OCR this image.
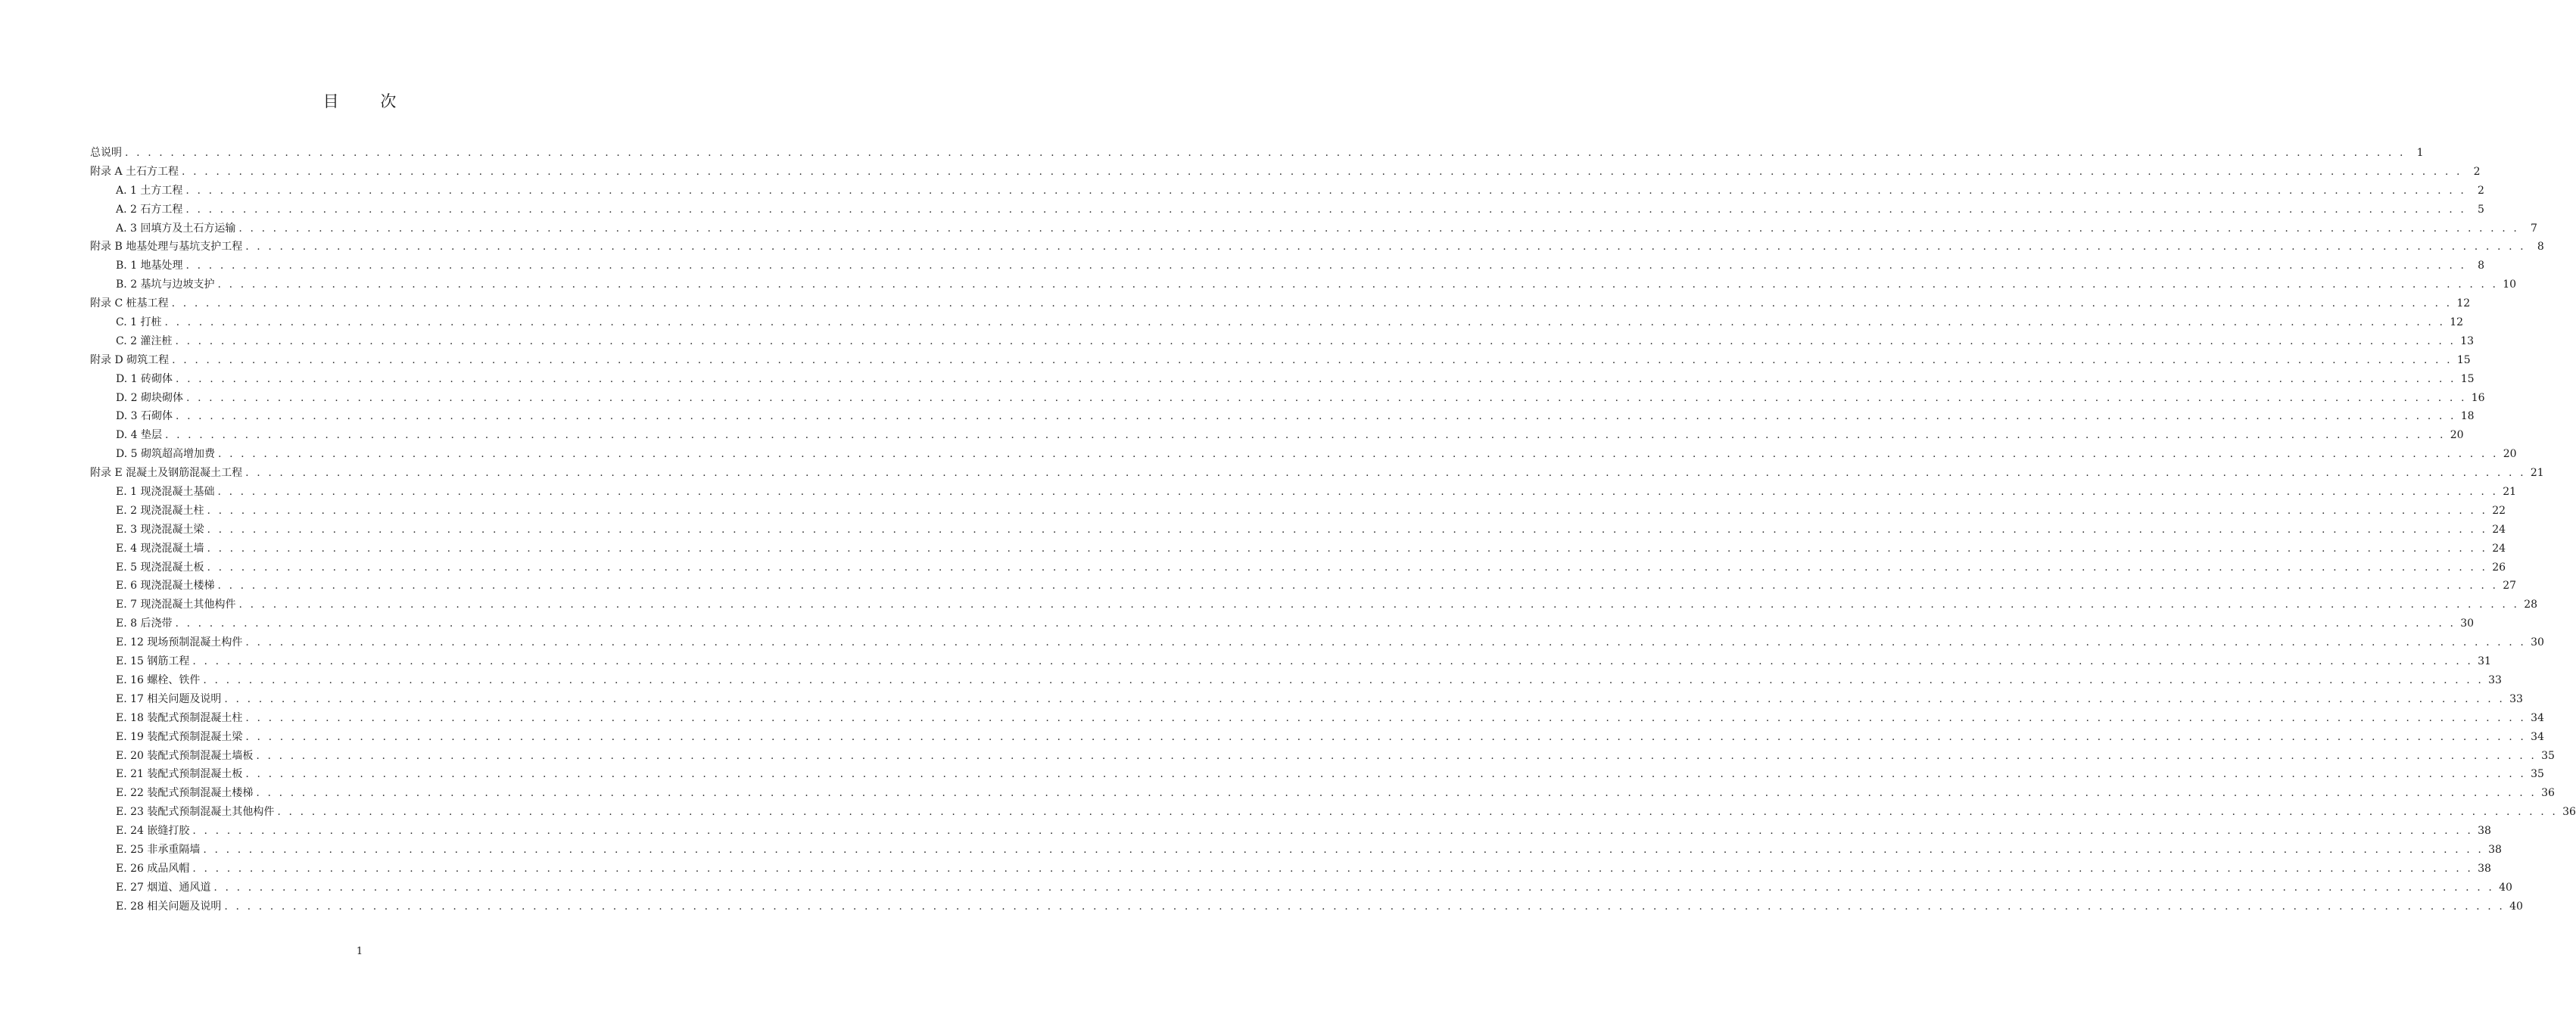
目 次
总说明 . . . . . . . . . . . . . . . . . . . . . . . . . . . . . . . . . . . . . . . . . . . . . . . . . . . . . . . . . . . . . . . . . . . . . . . . . . . . . . . . . . . . . . . . . . . . . . . . . . . . . . . . . . . . . . . . . . . . . . . . . . . . . . . . . . . . . . . . . . . . . . . . . . . . . . . . . . . . . . . . . . . . . . . . . . . . . . . . . . . . . . . . . . . . . . . . . . . . . . . .	1
附录 A 土石方工程 . . . . . . . . . . . . . . . . . . . . . . . . . . . . . . . . . . . . . . . . . . . . . . . . . . . . . . . . . . . . . . . . . . . . . . . . . . . . . . . . . . . . . . . . . . . . . . . . . . . . . . . . . . . . . . . . . . . . . . . . . . . . . . . . . . . . . . . . . . . . . . . . . . . . . . . . . . . . . . . . . . . . . . . . . . . . . . . . . . . . . . . . . . . . . . . . . . . . . . . .	2
A. 1 土方工程 . . . . . . . . . . . . . . . . . . . . . . . . . . . . . . . . . . . . . . . . . . . . . . . . . . . . . . . . . . . . . . . . . . . . . . . . . . . . . . . . . . . . . . . . . . . . . . . . . . . . . . . . . . . . . . . . . . . . . . . . . . . . . . . . . . . . . . . . . . . . . . . . . . . . . . . . . . . . . . . . . . . . . . . . . . . . . . . . . . . . . . . . . . . . . . . . . . . . . . . .	2
A. 2 石方工程 . . . . . . . . . . . . . . . . . . . . . . . . . . . . . . . . . . . . . . . . . . . . . . . . . . . . . . . . . . . . . . . . . . . . . . . . . . . . . . . . . . . . . . . . . . . . . . . . . . . . . . . . . . . . . . . . . . . . . . . . . . . . . . . . . . . . . . . . . . . . . . . . . . . . . . . . . . . . . . . . . . . . . . . . . . . . . . . . . . . . . . . . . . . . . . . . . . . . . . . .	5
A. 3 回填方及土石方运输 . . . . . . . . . . . . . . . . . . . . . . . . . . . . . . . . . . . . . . . . . . . . . . . . . . . . . . . . . . . . . . . . . . . . . . . . . . . . . . . . . . . . . . . . . . . . . . . . . . . . . . . . . . . . . . . . . . . . . . . . . . . . . . . . . . . . . . . . . . . . . . . . . . . . . . . . . . . . . . . . . . . . . . . . . . . . . . . . . . . . . . . . . . . . . . . . . . . . . . . .	7
附录 B 地基处理与基坑支护工程 . . . . . . . . . . . . . . . . . . . . . . . . . . . . . . . . . . . . . . . . . . . . . . . . . . . . . . . . . . . . . . . . . . . . . . . . . . . . . . . . . . . . . . . . . . . . . . . . . . . . . . . . . . . . . . . . . . . . . . . . . . . . . . . . . . . . . . . . . . . . . . . . . . . . . . . . . . . . . . . . . . . . . . . . . . . . . . . . . . . . . . . . . . . . . . . . . . . . . . . .	8
B. 1 地基处理 . . . . . . . . . . . . . . . . . . . . . . . . . . . . . . . . . . . . . . . . . . . . . . . . . . . . . . . . . . . . . . . . . . . . . . . . . . . . . . . . . . . . . . . . . . . . . . . . . . . . . . . . . . . . . . . . . . . . . . . . . . . . . . . . . . . . . . . . . . . . . . . . . . . . . . . . . . . . . . . . . . . . . . . . . . . . . . . . . . . . . . . . . . . . . . . . . . . . . . . .	8
B. 2 基坑与边坡支护 . . . . . . . . . . . . . . . . . . . . . . . . . . . . . . . . . . . . . . . . . . . . . . . . . . . . . . . . . . . . . . . . . . . . . . . . . . . . . . . . . . . . . . . . . . . . . . . . . . . . . . . . . . . . . . . . . . . . . . . . . . . . . . . . . . . . . . . . . . . . . . . . . . . . . . . . . . . . . . . . . . . . . . . . . . . . . . . . . . . . . . . . . . . . . . . . . . . . . . . . 10
附录 C 桩基工程 . . . . . . . . . . . . . . . . . . . . . . . . . . . . . . . . . . . . . . . . . . . . . . . . . . . . . . . . . . . . . . . . . . . . . . . . . . . . . . . . . . . . . . . . . . . . . . . . . . . . . . . . . . . . . . . . . . . . . . . . . . . . . . . . . . . . . . . . . . . . . . . . . . . . . . . . . . . . . . . . . . . . . . . . . . . . . . . . . . . . . . . . . . . . . . . . . . . . . . . . 12
C. 1 打桩 . . . . . . . . . . . . . . . . . . . . . . . . . . . . . . . . . . . . . . . . . . . . . . . . . . . . . . . . . . . . . . . . . . . . . . . . . . . . . . . . . . . . . . . . . . . . . . . . . . . . . . . . . . . . . . . . . . . . . . . . . . . . . . . . . . . . . . . . . . . . . . . . . . . . . . . . . . . . . . . . . . . . . . . . . . . . . . . . . . . . . . . . . . . . . . . . . . . . . . . . 12
C. 2 灌注桩 . . . . . . . . . . . . . . . . . . . . . . . . . . . . . . . . . . . . . . . . . . . . . . . . . . . . . . . . . . . . . . . . . . . . . . . . . . . . . . . . . . . . . . . . . . . . . . . . . . . . . . . . . . . . . . . . . . . . . . . . . . . . . . . . . . . . . . . . . . . . . . . . . . . . . . . . . . . . . . . . . . . . . . . . . . . . . . . . . . . . . . . . . . . . . . . . . . . . . . . . 13
附录 D 砌筑工程 . . . . . . . . . . . . . . . . . . . . . . . . . . . . . . . . . . . . . . . . . . . . . . . . . . . . . . . . . . . . . . . . . . . . . . . . . . . . . . . . . . . . . . . . . . . . . . . . . . . . . . . . . . . . . . . . . . . . . . . . . . . . . . . . . . . . . . . . . . . . . . . . . . . . . . . . . . . . . . . . . . . . . . . . . . . . . . . . . . . . . . . . . . . . . . . . . . . . . . . . 15
D. 1 砖砌体 . . . . . . . . . . . . . . . . . . . . . . . . . . . . . . . . . . . . . . . . . . . . . . . . . . . . . . . . . . . . . . . . . . . . . . . . . . . . . . . . . . . . . . . . . . . . . . . . . . . . . . . . . . . . . . . . . . . . . . . . . . . . . . . . . . . . . . . . . . . . . . . . . . . . . . . . . . . . . . . . . . . . . . . . . . . . . . . . . . . . . . . . . . . . . . . . . . . . . . . . 15
D. 2 砌块砌体 . . . . . . . . . . . . . . . . . . . . . . . . . . . . . . . . . . . . . . . . . . . . . . . . . . . . . . . . . . . . . . . . . . . . . . . . . . . . . . . . . . . . . . . . . . . . . . . . . . . . . . . . . . . . . . . . . . . . . . . . . . . . . . . . . . . . . . . . . . . . . . . . . . . . . . . . . . . . . . . . . . . . . . . . . . . . . . . . . . . . . . . . . . . . . . . . . . . . . . . . 16
D. 3 石砌体 . . . . . . . . . . . . . . . . . . . . . . . . . . . . . . . . . . . . . . . . . . . . . . . . . . . . . . . . . . . . . . . . . . . . . . . . . . . . . . . . . . . . . . . . . . . . . . . . . . . . . . . . . . . . . . . . . . . . . . . . . . . . . . . . . . . . . . . . . . . . . . . . . . . . . . . . . . . . . . . . . . . . . . . . . . . . . . . . . . . . . . . . . . . . . . . . . . . . . . . . 18
D. 4 垫层 . . . . . . . . . . . . . . . . . . . . . . . . . . . . . . . . . . . . . . . . . . . . . . . . . . . . . . . . . . . . . . . . . . . . . . . . . . . . . . . . . . . . . . . . . . . . . . . . . . . . . . . . . . . . . . . . . . . . . . . . . . . . . . . . . . . . . . . . . . . . . . . . . . . . . . . . . . . . . . . . . . . . . . . . . . . . . . . . . . . . . . . . . . . . . . . . . . . . . . . . 20
D. 5 砌筑超高增加费 . . . . . . . . . . . . . . . . . . . . . . . . . . . . . . . . . . . . . . . . . . . . . . . . . . . . . . . . . . . . . . . . . . . . . . . . . . . . . . . . . . . . . . . . . . . . . . . . . . . . . . . . . . . . . . . . . . . . . . . . . . . . . . . . . . . . . . . . . . . . . . . . . . . . . . . . . . . . . . . . . . . . . . . . . . . . . . . . . . . . . . . . . . . . . . . . . . . . . . . . 20
附录 E 混凝土及钢筋混凝土工程 . . . . . . . . . . . . . . . . . . . . . . . . . . . . . . . . . . . . . . . . . . . . . . . . . . . . . . . . . . . . . . . . . . . . . . . . . . . . . . . . . . . . . . . . . . . . . . . . . . . . . . . . . . . . . . . . . . . . . . . . . . . . . . . . . . . . . . . . . . . . . . . . . . . . . . . . . . . . . . . . . . . . . . . . . . . . . . . . . . . . . . . . . . . . . . . . . . . . . . . . 21
E. 1 现浇混凝土基础 . . . . . . . . . . . . . . . . . . . . . . . . . . . . . . . . . . . . . . . . . . . . . . . . . . . . . . . . . . . . . . . . . . . . . . . . . . . . . . . . . . . . . . . . . . . . . . . . . . . . . . . . . . . . . . . . . . . . . . . . . . . . . . . . . . . . . . . . . . . . . . . . . . . . . . . . . . . . . . . . . . . . . . . . . . . . . . . . . . . . . . . . . . . . . . . . . . . . . . . . 21
E. 2 现浇混凝土柱 . . . . . . . . . . . . . . . . . . . . . . . . . . . . . . . . . . . . . . . . . . . . . . . . . . . . . . . . . . . . . . . . . . . . . . . . . . . . . . . . . . . . . . . . . . . . . . . . . . . . . . . . . . . . . . . . . . . . . . . . . . . . . . . . . . . . . . . . . . . . . . . . . . . . . . . . . . . . . . . . . . . . . . . . . . . . . . . . . . . . . . . . . . . . . . . . . . . . . . . . 22
E. 3 现浇混凝土梁 . . . . . . . . . . . . . . . . . . . . . . . . . . . . . . . . . . . . . . . . . . . . . . . . . . . . . . . . . . . . . . . . . . . . . . . . . . . . . . . . . . . . . . . . . . . . . . . . . . . . . . . . . . . . . . . . . . . . . . . . . . . . . . . . . . . . . . . . . . . . . . . . . . . . . . . . . . . . . . . . . . . . . . . . . . . . . . . . . . . . . . . . . . . . . . . . . . . . . . . . 24
E. 4 现浇混凝土墙 . . . . . . . . . . . . . . . . . . . . . . . . . . . . . . . . . . . . . . . . . . . . . . . . . . . . . . . . . . . . . . . . . . . . . . . . . . . . . . . . . . . . . . . . . . . . . . . . . . . . . . . . . . . . . . . . . . . . . . . . . . . . . . . . . . . . . . . . . . . . . . . . . . . . . . . . . . . . . . . . . . . . . . . . . . . . . . . . . . . . . . . . . . . . . . . . . . . . . . . . 24
E. 5 现浇混凝土板 . . . . . . . . . . . . . . . . . . . . . . . . . . . . . . . . . . . . . . . . . . . . . . . . . . . . . . . . . . . . . . . . . . . . . . . . . . . . . . . . . . . . . . . . . . . . . . . . . . . . . . . . . . . . . . . . . . . . . . . . . . . . . . . . . . . . . . . . . . . . . . . . . . . . . . . . . . . . . . . . . . . . . . . . . . . . . . . . . . . . . . . . . . . . . . . . . . . . . . . . 26
E. 6 现浇混凝土楼梯 . . . . . . . . . . . . . . . . . . . . . . . . . . . . . . . . . . . . . . . . . . . . . . . . . . . . . . . . . . . . . . . . . . . . . . . . . . . . . . . . . . . . . . . . . . . . . . . . . . . . . . . . . . . . . . . . . . . . . . . . . . . . . . . . . . . . . . . . . . . . . . . . . . . . . . . . . . . . . . . . . . . . . . . . . . . . . . . . . . . . . . . . . . . . . . . . . . . . . . . . 27
E. 7 现浇混凝土其他构件 . . . . . . . . . . . . . . . . . . . . . . . . . . . . . . . . . . . . . . . . . . . . . . . . . . . . . . . . . . . . . . . . . . . . . . . . . . . . . . . . . . . . . . . . . . . . . . . . . . . . . . . . . . . . . . . . . . . . . . . . . . . . . . . . . . . . . . . . . . . . . . . . . . . . . . . . . . . . . . . . . . . . . . . . . . . . . . . . . . . . . . . . . . . . . . . . . . . . . . . . 28
E. 8 后浇带 . . . . . . . . . . . . . . . . . . . . . . . . . . . . . . . . . . . . . . . . . . . . . . . . . . . . . . . . . . . . . . . . . . . . . . . . . . . . . . . . . . . . . . . . . . . . . . . . . . . . . . . . . . . . . . . . . . . . . . . . . . . . . . . . . . . . . . . . . . . . . . . . . . . . . . . . . . . . . . . . . . . . . . . . . . . . . . . . . . . . . . . . . . . . . . . . . . . . . . . . 30
E. 12 现场预制混凝土构件 . . . . . . . . . . . . . . . . . . . . . . . . . . . . . . . . . . . . . . . . . . . . . . . . . . . . . . . . . . . . . . . . . . . . . . . . . . . . . . . . . . . . . . . . . . . . . . . . . . . . . . . . . . . . . . . . . . . . . . . . . . . . . . . . . . . . . . . . . . . . . . . . . . . . . . . . . . . . . . . . . . . . . . . . . . . . . . . . . . . . . . . . . . . . . . . . . . . . . . . . 30
E. 15 钢筋工程 . . . . . . . . . . . . . . . . . . . . . . . . . . . . . . . . . . . . . . . . . . . . . . . . . . . . . . . . . . . . . . . . . . . . . . . . . . . . . . . . . . . . . . . . . . . . . . . . . . . . . . . . . . . . . . . . . . . . . . . . . . . . . . . . . . . . . . . . . . . . . . . . . . . . . . . . . . . . . . . . . . . . . . . . . . . . . . . . . . . . . . . . . . . . . . . . . . . . . . . . 31
E. 16 螺栓、铁件 . . . . . . . . . . . . . . . . . . . . . . . . . . . . . . . . . . . . . . . . . . . . . . . . . . . . . . . . . . . . . . . . . . . . . . . . . . . . . . . . . . . . . . . . . . . . . . . . . . . . . . . . . . . . . . . . . . . . . . . . . . . . . . . . . . . . . . . . . . . . . . . . . . . . . . . . . . . . . . . . . . . . . . . . . . . . . . . . . . . . . . . . . . . . . . . . . . . . . . . . 33
E. 17 相关问题及说明 . . . . . . . . . . . . . . . . . . . . . . . . . . . . . . . . . . . . . . . . . . . . . . . . . . . . . . . . . . . . . . . . . . . . . . . . . . . . . . . . . . . . . . . . . . . . . . . . . . . . . . . . . . . . . . . . . . . . . . . . . . . . . . . . . . . . . . . . . . . . . . . . . . . . . . . . . . . . . . . . . . . . . . . . . . . . . . . . . . . . . . . . . . . . . . . . . . . . . . . . 33
E. 18 装配式预制混凝土柱 . . . . . . . . . . . . . . . . . . . . . . . . . . . . . . . . . . . . . . . . . . . . . . . . . . . . . . . . . . . . . . . . . . . . . . . . . . . . . . . . . . . . . . . . . . . . . . . . . . . . . . . . . . . . . . . . . . . . . . . . . . . . . . . . . . . . . . . . . . . . . . . . . . . . . . . . . . . . . . . . . . . . . . . . . . . . . . . . . . . . . . . . . . . . . . . . . . . . . . . . 34
E. 19 装配式预制混凝土梁 . . . . . . . . . . . . . . . . . . . . . . . . . . . . . . . . . . . . . . . . . . . . . . . . . . . . . . . . . . . . . . . . . . . . . . . . . . . . . . . . . . . . . . . . . . . . . . . . . . . . . . . . . . . . . . . . . . . . . . . . . . . . . . . . . . . . . . . . . . . . . . . . . . . . . . . . . . . . . . . . . . . . . . . . . . . . . . . . . . . . . . . . . . . . . . . . . . . . . . . . 34
E. 20 装配式预制混凝土墙板 . . . . . . . . . . . . . . . . . . . . . . . . . . . . . . . . . . . . . . . . . . . . . . . . . . . . . . . . . . . . . . . . . . . . . . . . . . . . . . . . . . . . . . . . . . . . . . . . . . . . . . . . . . . . . . . . . . . . . . . . . . . . . . . . . . . . . . . . . . . . . . . . . . . . . . . . . . . . . . . . . . . . . . . . . . . . . . . . . . . . . . . . . . . . . . . . . . . . . . . . 35
E. 21 装配式预制混凝土板 . . . . . . . . . . . . . . . . . . . . . . . . . . . . . . . . . . . . . . . . . . . . . . . . . . . . . . . . . . . . . . . . . . . . . . . . . . . . . . . . . . . . . . . . . . . . . . . . . . . . . . . . . . . . . . . . . . . . . . . . . . . . . . . . . . . . . . . . . . . . . . . . . . . . . . . . . . . . . . . . . . . . . . . . . . . . . . . . . . . . . . . . . . . . . . . . . . . . . . . . 35
E. 22 装配式预制混凝土楼梯 . . . . . . . . . . . . . . . . . . . . . . . . . . . . . . . . . . . . . . . . . . . . . . . . . . . . . . . . . . . . . . . . . . . . . . . . . . . . . . . . . . . . . . . . . . . . . . . . . . . . . . . . . . . . . . . . . . . . . . . . . . . . . . . . . . . . . . . . . . . . . . . . . . . . . . . . . . . . . . . . . . . . . . . . . . . . . . . . . . . . . . . . . . . . . . . . . . . . . . . . 36
E. 23 装配式预制混凝土其他构件 . . . . . . . . . . . . . . . . . . . . . . . . . . . . . . . . . . . . . . . . . . . . . . . . . . . . . . . . . . . . . . . . . . . . . . . . . . . . . . . . . . . . . . . . . . . . . . . . . . . . . . . . . . . . . . . . . . . . . . . . . . . . . . . . . . . . . . . . . . . . . . . . . . . . . . . . . . . . . . . . . . . . . . . . . . . . . . . . . . . . . . . . . . . . . . . . . . . . . . . . 36
E. 24 嵌缝打胶 . . . . . . . . . . . . . . . . . . . . . . . . . . . . . . . . . . . . . . . . . . . . . . . . . . . . . . . . . . . . . . . . . . . . . . . . . . . . . . . . . . . . . . . . . . . . . . . . . . . . . . . . . . . . . . . . . . . . . . . . . . . . . . . . . . . . . . . . . . . . . . . . . . . . . . . . . . . . . . . . . . . . . . . . . . . . . . . . . . . . . . . . . . . . . . . . . . . . . . . . 38
E. 25 非承重隔墙 . . . . . . . . . . . . . . . . . . . . . . . . . . . . . . . . . . . . . . . . . . . . . . . . . . . . . . . . . . . . . . . . . . . . . . . . . . . . . . . . . . . . . . . . . . . . . . . . . . . . . . . . . . . . . . . . . . . . . . . . . . . . . . . . . . . . . . . . . . . . . . . . . . . . . . . . . . . . . . . . . . . . . . . . . . . . . . . . . . . . . . . . . . . . . . . . . . . . . . . . 38
E. 26 成品风帽 . . . . . . . . . . . . . . . . . . . . . . . . . . . . . . . . . . . . . . . . . . . . . . . . . . . . . . . . . . . . . . . . . . . . . . . . . . . . . . . . . . . . . . . . . . . . . . . . . . . . . . . . . . . . . . . . . . . . . . . . . . . . . . . . . . . . . . . . . . . . . . . . . . . . . . . . . . . . . . . . . . . . . . . . . . . . . . . . . . . . . . . . . . . . . . . . . . . . . . . . 38
E. 27 烟道、通风道 . . . . . . . . . . . . . . . . . . . . . . . . . . . . . . . . . . . . . . . . . . . . . . . . . . . . . . . . . . . . . . . . . . . . . . . . . . . . . . . . . . . . . . . . . . . . . . . . . . . . . . . . . . . . . . . . . . . . . . . . . . . . . . . . . . . . . . . . . . . . . . . . . . . . . . . . . . . . . . . . . . . . . . . . . . . . . . . . . . . . . . . . . . . . . . . . . . . . . . . . 40
E. 28 相关问题及说明 . . . . . . . . . . . . . . . . . . . . . . . . . . . . . . . . . . . . . . . . . . . . . . . . . . . . . . . . . . . . . . . . . . . . . . . . . . . . . . . . . . . . . . . . . . . . . . . . . . . . . . . . . . . . . . . . . . . . . . . . . . . . . . . . . . . . . . . . . . . . . . . . . . . . . . . . . . . . . . . . . . . . . . . . . . . . . . . . . . . . . . . . . . . . . . . . . . . . . . . . 40
1
